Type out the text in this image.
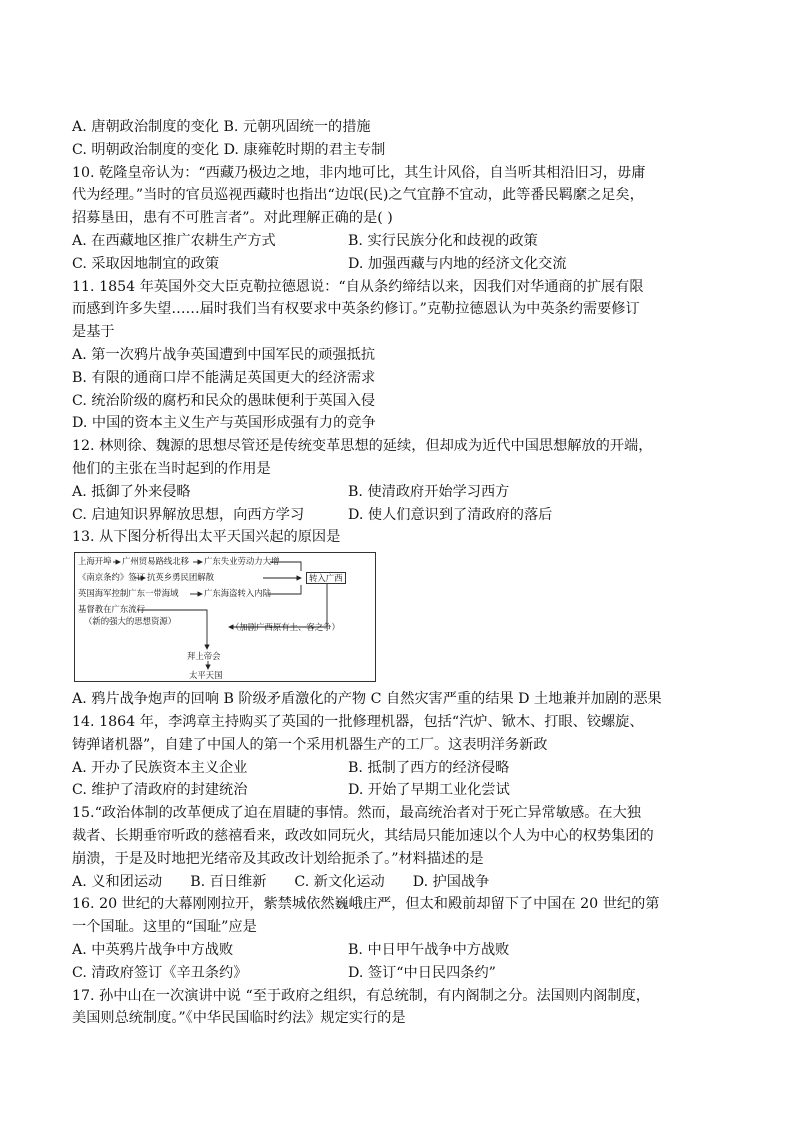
A. 唐朝政治制度的变化 B. 元朝巩固统一的措施
C. 明朝政治制度的变化 D. 康雍乾时期的君主专制
10. 乾隆皇帝认为：“西藏乃极边之地，非内地可比，其生计风俗，自当听其相沿旧习，毋庸
代为经理。”当时的官员巡视西藏时也指出“边氓(民)之气宜静不宜动，此等番民羁縻之足矣，
招募垦田，患有不可胜言者”。对此理解正确的是( )
A. 在西藏地区推广农耕生产方式	B. 实行民族分化和歧视的政策
C. 采取因地制宜的政策	D. 加强西藏与内地的经济文化交流
11. 1854 年英国外交大臣克勒拉德恩说：“自从条约缔结以来，因我们对华通商的扩展有限
而感到许多失望……届时我们当有权要求中英条约修订。”克勒拉德恩认为中英条约需要修订
是基于
A. 第一次鸦片战争英国遭到中国军民的顽强抵抗
B. 有限的通商口岸不能满足英国更大的经济需求
C. 统治阶级的腐朽和民众的愚昧便利于英国入侵
D. 中国的资本主义生产与英国形成强有力的竞争
12. 林则徐、魏源的思想尽管还是传统变革思想的延续，但却成为近代中国思想解放的开端，
他们的主张在当时起到的作用是
A. 抵御了外来侵略	B. 使清政府开始学习西方
C. 启迪知识界解放思想，向西方学习	D. 使人们意识到了清政府的落后
13. 从下图分析得出太平天国兴起的原因是
上海开埠 广州贸易路线北移 广东失业劳动力大增
《南京条约》签订 抗英乡勇民团解散	转入广西
英国海军控制广东一带海域	广东海盗转入内陆
基督教在广东流行
（新的强大的思想资源）
（加剧广西原有土、客之争）
拜上帝会
太平天国
A. 鸦片战争炮声的回响 B 阶级矛盾激化的产物 C 自然灾害严重的结果 D 土地兼并加剧的恶果
14. 1864 年，李鸿章主持购买了英国的一批修理机器，包括“汽炉、锨木、打眼、铰螺旋、
铸弹诸机器”，自建了中国人的第一个采用机器生产的工厂。这表明洋务新政
A. 开办了民族资本主义企业	B. 抵制了西方的经济侵略
C. 维护了清政府的封建统治	D. 开始了早期工业化尝试
15.“政治体制的改革便成了迫在眉睫的事情。然而，最高统治者对于死亡异常敏感。在大独
裁者、长期垂帘听政的慈禧看来，政改如同玩火，其结局只能加速以个人为中心的权势集团的
崩溃，于是及时地把光绪帝及其政改计划给扼杀了。”材料描述的是
A. 义和团运动 B. 百日维新 C. 新文化运动 D. 护国战争
16. 20 世纪的大幕刚刚拉开，紫禁城依然巍峨庄严，但太和殿前却留下了中国在 20 世纪的第
一个国耻。这里的“国耻”应是
A. 中英鸦片战争中方战败	B. 中日甲午战争中方战败
C. 清政府签订《辛丑条约》	D. 签订“中日民四条约”
17. 孙中山在一次演讲中说 “至于政府之组织，有总统制，有内阁制之分。法国则内阁制度，
美国则总统制度。”《中华民国临时约法》规定实行的是
